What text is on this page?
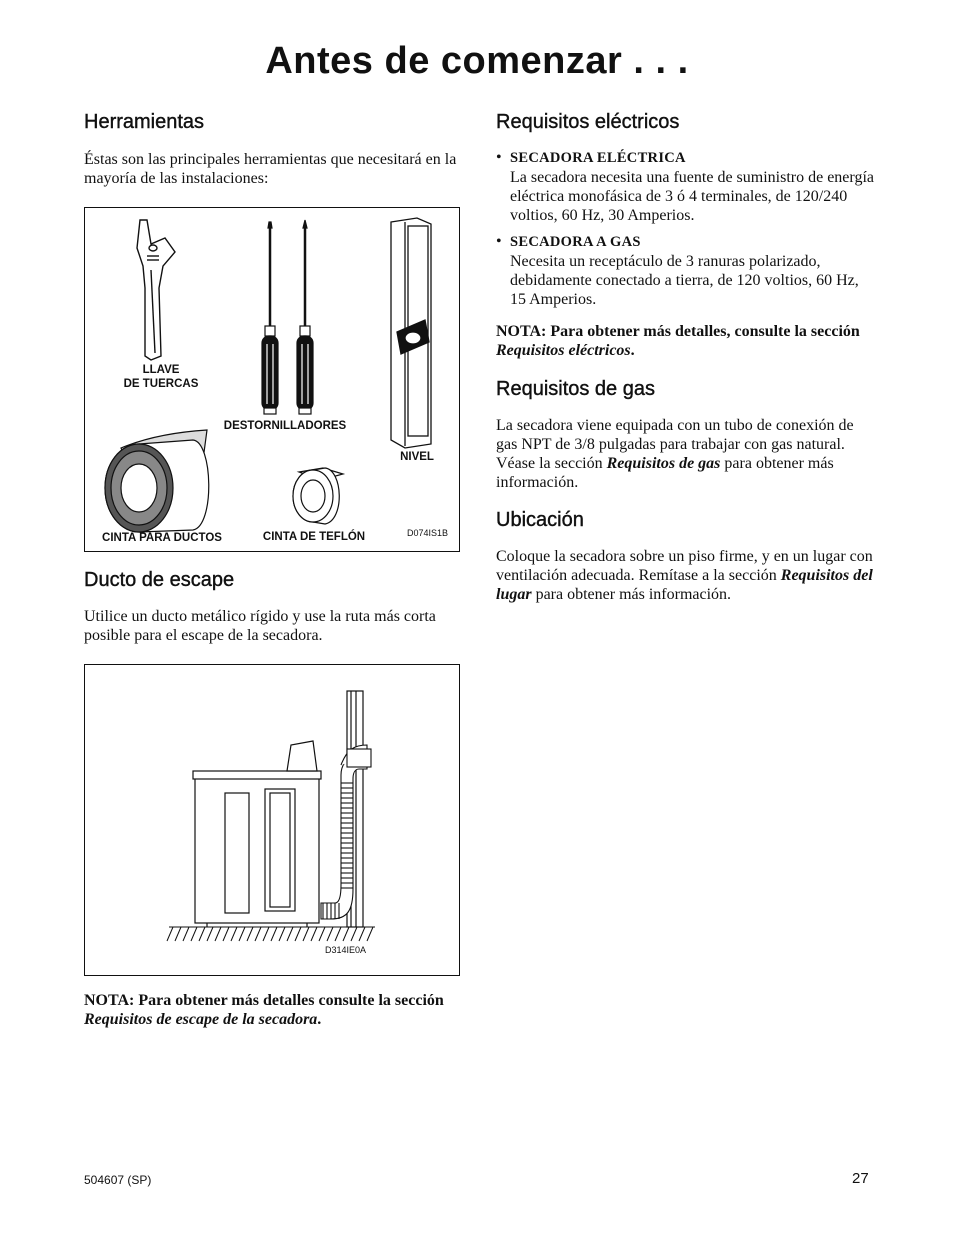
Antes de comenzar . . .
Herramientas
Éstas son las principales herramientas que necesitará en la mayoría de las instalaciones:
LLAVE
DE TUERCAS
DESTORNILLADORES
NIVEL
CINTA PARA DUCTOS	CINTA DE TEFLÓN	D074IS1B
Ducto de escape
Utilice un ducto metálico rígido y use la ruta más corta posible para el escape de la secadora.
D314IE0A
NOTA: Para obtener más detalles consulte la sección Requisitos de escape de la secadora.
Requisitos eléctricos
• SECADORA ELÉCTRICA
La secadora necesita una fuente de suministro de energía eléctrica monofásica de 3 ó 4 terminales, de 120/240 voltios, 60 Hz, 30 Amperios.
• SECADORA A GAS
Necesita un receptáculo de 3 ranuras polarizado, debidamente conectado a tierra, de 120 voltios, 60 Hz, 15 Amperios.
NOTA: Para obtener más detalles, consulte la sección Requisitos eléctricos.
Requisitos de gas
La secadora viene equipada con un tubo de conexión de gas NPT de 3/8 pulgadas para trabajar con gas natural. Véase la sección Requisitos de gas para obtener más información.
Ubicación
Coloque la secadora sobre un piso firme, y en un lugar con ventilación adecuada. Remítase a la sección Requisitos del lugar para obtener más información.
504607 (SP)	27
